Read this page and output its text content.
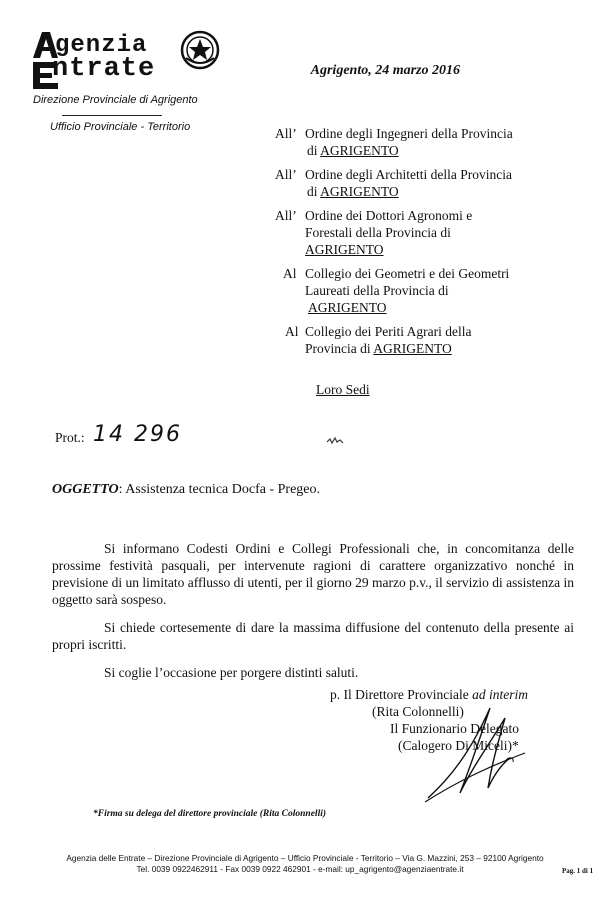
genzia
ntrate
Direzione Provinciale di Agrigento
Ufficio Provinciale - Territorio
Agrigento, 24 marzo 2016
All’ Ordine degli Ingegneri della Provincia
di AGRIGENTO
All’ Ordine degli Architetti della Provincia
di AGRIGENTO
All’ Ordine dei Dottori Agronomi e
Forestali della Provincia di
AGRIGENTO
Al Collegio dei Geometri e dei Geometri
Laureati della Provincia di
AGRIGENTO
Al Collegio dei Periti Agrari della
Provincia di AGRIGENTO
Loro Sedi
Prot.: 14 296
OGGETTO: Assistenza tecnica Docfa - Pregeo.

Si informano Codesti Ordini e Collegi Professionali che, in concomitanza delle prossime festività pasquali, per intervenute ragioni di carattere organizzativo nonché in previsione di un limitato afflusso di utenti, per il giorno 29 marzo p.v., il servizio di assistenza in oggetto sarà sospeso.

Si chiede cortesemente di dare la massima diffusione del contenuto della presente ai propri iscritti.

Si coglie l’occasione per porgere distinti saluti.

p. Il Direttore Provinciale ad interim
(Rita Colonnelli)
Il Funzionario Delegato
(Calogero Di Miceli)*
*Firma su delega del direttore provinciale (Rita Colonnelli)
Agenzia delle Entrate – Direzione Provinciale di Agrigento – Ufficio Provinciale - Territorio – Via G. Mazzini, 253 – 92100 Agrigento
Tel. 0039 0922462911 - Fax 0039 0922 462901 - e-mail: up_agrigento@agenziaentrate.it	Pag. 1 di 1
